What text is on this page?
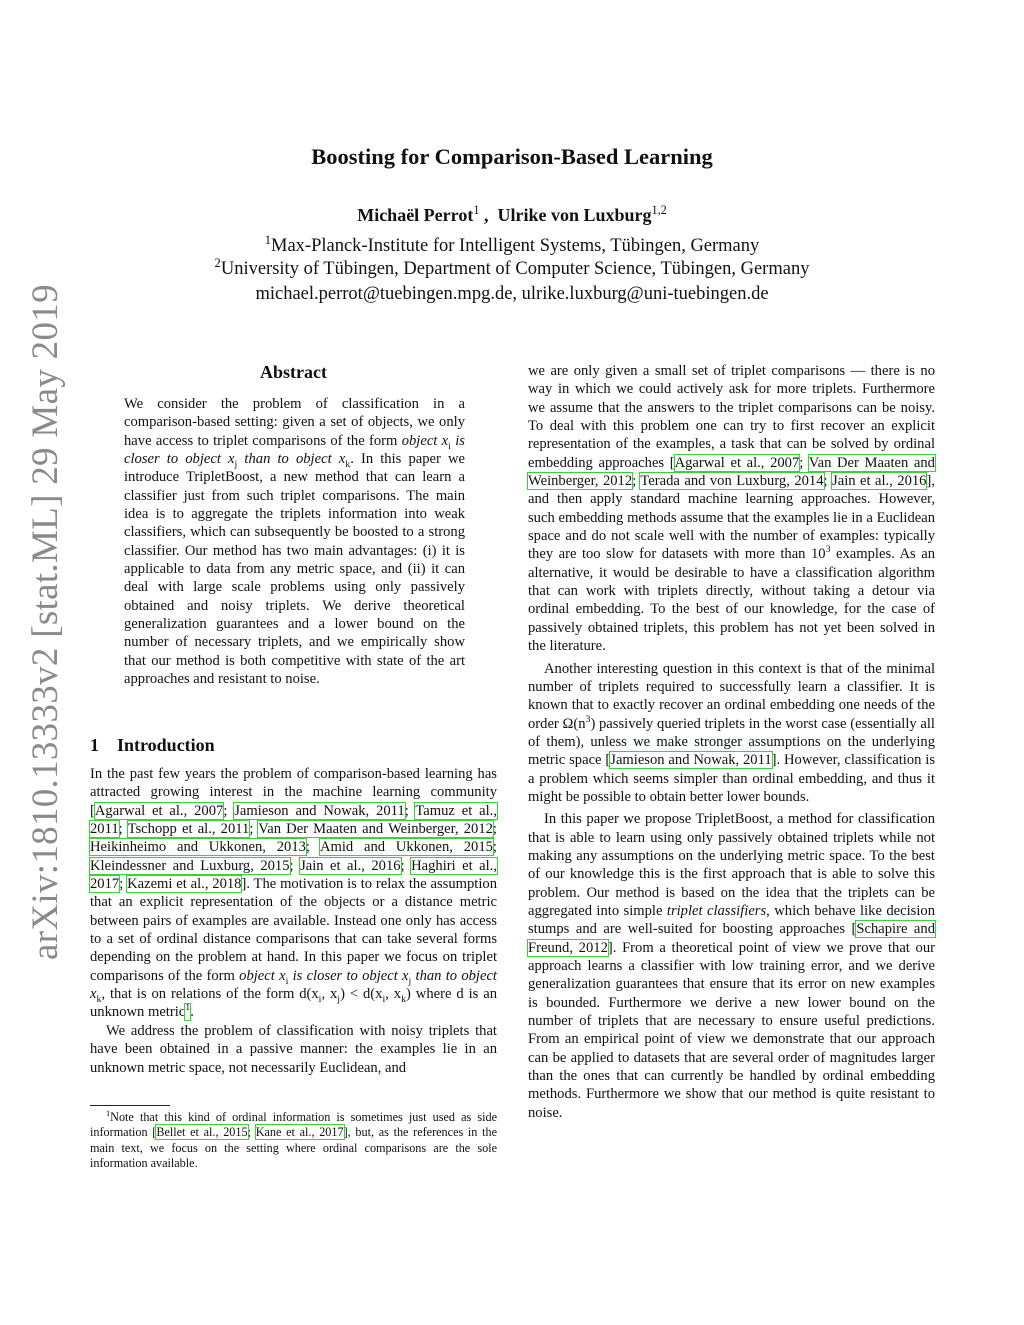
arXiv:1810.13333v2 [stat.ML] 29 May 2019
Boosting for Comparison-Based Learning
Michaël Perrot$^1$ ,  Ulrike von Luxburg$^{1,2}$
$^1$Max-Planck-Institute for Intelligent Systems, Tübingen, Germany
$^2$University of Tübingen, Department of Computer Science, Tübingen, Germany
michael.perrot@tuebingen.mpg.de, ulrike.luxburg@uni-tuebingen.de
Abstract
We consider the problem of classification in a comparison-based setting: given a set of objects, we only have access to triplet comparisons of the form object $x_i$ is closer to object $x_j$ than to object $x_k$. In this paper we introduce TripletBoost, a new method that can learn a classifier just from such triplet comparisons. The main idea is to aggregate the triplets information into weak classifiers, which can subsequently be boosted to a strong classifier. Our method has two main advantages: (i) it is applicable to data from any metric space, and (ii) it can deal with large scale problems using only passively obtained and noisy triplets. We derive theoretical generalization guarantees and a lower bound on the number of necessary triplets, and we empirically show that our method is both competitive with state of the art approaches and resistant to noise.
1 Introduction

In the past few years the problem of comparison-based learning has attracted growing interest in the machine learning community [Agarwal et al., 2007; Jamieson and Nowak, 2011; Tamuz et al., 2011; Tschopp et al., 2011; Van Der Maaten and Weinberger, 2012; Heikinheimo and Ukkonen, 2013; Amid and Ukkonen, 2015; Kleindessner and Luxburg, 2015; Jain et al., 2016; Haghiri et al., 2017; Kazemi et al., 2018]. The motivation is to relax the assumption that an explicit representation of the objects or a distance metric between pairs of examples are available. Instead one only has access to a set of ordinal distance comparisons that can take several forms depending on the problem at hand. In this paper we focus on triplet comparisons of the form object $x_i$ is closer to object $x_j$ than to object $x_k$, that is on relations of the form $d(x_i$, $x_j) < d(x_i$, $x_k$) where d is an unknown metric$^1$.

We address the problem of classification with noisy triplets that have been obtained in a passive manner: the examples lie in an unknown metric space, not necessarily Euclidean, and

$^1$Note that this kind of ordinal information is sometimes just used as side information [Bellet et al., 2015; Kane et al., 2017], but, as the references in the main text, we focus on the setting where ordinal comparisons are the sole information available.

we are only given a small set of triplet comparisons — there is no way in which we could actively ask for more triplets. Furthermore we assume that the answers to the triplet comparisons can be noisy. To deal with this problem one can try to first recover an explicit representation of the examples, a task that can be solved by ordinal embedding approaches [Agarwal et al., 2007; Van Der Maaten and Weinberger, 2012; Terada and von Luxburg, 2014; Jain et al., 2016], and then apply standard machine learning approaches. However, such embedding methods assume that the examples lie in a Euclidean space and do not scale well with the number of examples: typically they are too slow for datasets with more than $10^3$ examples. As an alternative, it would be desirable to have a classification algorithm that can work with triplets directly, without taking a detour via ordinal embedding. To the best of our knowledge, for the case of passively obtained triplets, this problem has not yet been solved in the literature.

Another interesting question in this context is that of the minimal number of triplets required to successfully learn a classifier. It is known that to exactly recover an ordinal embedding one needs of the order $\Omega(n^3)$ passively queried triplets in the worst case (essentially all of them), unless we make stronger assumptions on the underlying metric space [Jamieson and Nowak, 2011]. However, classification is a problem which seems simpler than ordinal embedding, and thus it might be possible to obtain better lower bounds.

In this paper we propose TripletBoost, a method for classification that is able to learn using only passively obtained triplets while not making any assumptions on the underlying metric space. To the best of our knowledge this is the first approach that is able to solve this problem. Our method is based on the idea that the triplets can be aggregated into simple triplet classifiers, which behave like decision stumps and are well-suited for boosting approaches [Schapire and Freund, 2012]. From a theoretical point of view we prove that our approach learns a classifier with low training error, and we derive generalization guarantees that ensure that its error on new examples is bounded. Furthermore we derive a new lower bound on the number of triplets that are necessary to ensure useful predictions. From an empirical point of view we demonstrate that our approach can be applied to datasets that are several order of magnitudes larger than the ones that can currently be handled by ordinal embedding methods. Furthermore we show that our method is quite resistant to noise.
